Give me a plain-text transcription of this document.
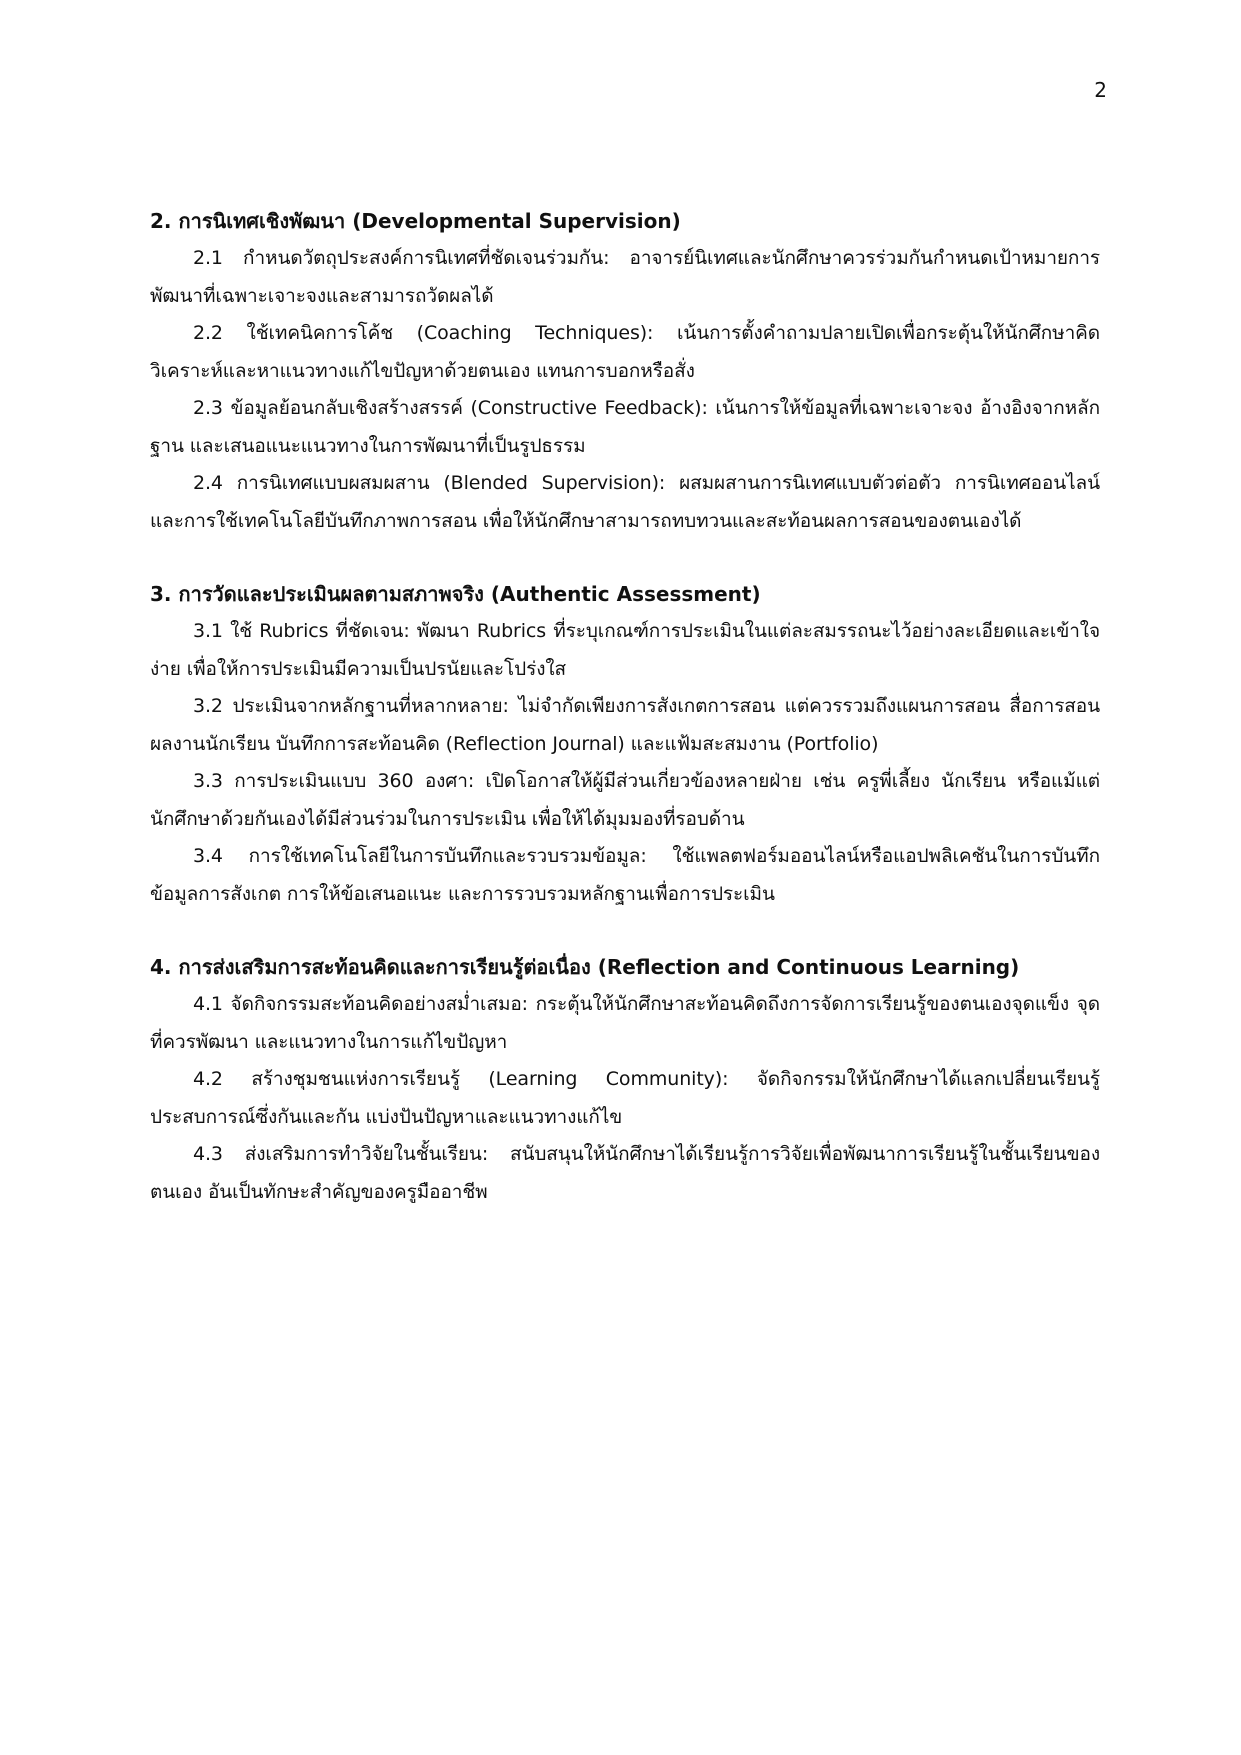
2
2. การนิเทศเชิงพัฒนา (Developmental Supervision)

2.1 กำหนดวัตถุประสงค์การนิเทศที่ชัดเจนร่วมกัน: อาจารย์นิเทศและนักศึกษาควรร่วมกันกำหนดเป้าหมายการพัฒนาที่เฉพาะเจาะจงและสามารถวัดผลได้

2.2 ใช้เทคนิคการโค้ช (Coaching Techniques): เน้นการตั้งคำถามปลายเปิดเพื่อกระตุ้นให้นักศึกษาคิดวิเคราะห์และหาแนวทางแก้ไขปัญหาด้วยตนเอง แทนการบอกหรือสั่ง

2.3 ข้อมูลย้อนกลับเชิงสร้างสรรค์ (Constructive Feedback): เน้นการให้ข้อมูลที่เฉพาะเจาะจง อ้างอิงจากหลักฐาน และเสนอแนะแนวทางในการพัฒนาที่เป็นรูปธรรม

2.4 การนิเทศแบบผสมผสาน (Blended Supervision): ผสมผสานการนิเทศแบบตัวต่อตัว การนิเทศออนไลน์ และการใช้เทคโนโลยีบันทึกภาพการสอน เพื่อให้นักศึกษาสามารถทบทวนและสะท้อนผลการสอนของตนเองได้

3. การวัดและประเมินผลตามสภาพจริง (Authentic Assessment)

3.1 ใช้ Rubrics ที่ชัดเจน: พัฒนา Rubrics ที่ระบุเกณฑ์การประเมินในแต่ละสมรรถนะไว้อย่างละเอียดและเข้าใจง่าย เพื่อให้การประเมินมีความเป็นปรนัยและโปร่งใส

3.2 ประเมินจากหลักฐานที่หลากหลาย: ไม่จำกัดเพียงการสังเกตการสอน แต่ควรรวมถึงแผนการสอน สื่อการสอน ผลงานนักเรียน บันทึกการสะท้อนคิด (Reflection Journal) และแฟ้มสะสมงาน (Portfolio)

3.3 การประเมินแบบ 360 องศา: เปิดโอกาสให้ผู้มีส่วนเกี่ยวข้องหลายฝ่าย เช่น ครูพี่เลี้ยง นักเรียน หรือแม้แต่นักศึกษาด้วยกันเองได้มีส่วนร่วมในการประเมิน เพื่อให้ได้มุมมองที่รอบด้าน

3.4 การใช้เทคโนโลยีในการบันทึกและรวบรวมข้อมูล: ใช้แพลตฟอร์มออนไลน์หรือแอปพลิเคชันในการบันทึกข้อมูลการสังเกต การให้ข้อเสนอแนะ และการรวบรวมหลักฐานเพื่อการประเมิน

4. การส่งเสริมการสะท้อนคิดและการเรียนรู้ต่อเนื่อง (Reflection and Continuous Learning)

4.1 จัดกิจกรรมสะท้อนคิดอย่างสม่ำเสมอ: กระตุ้นให้นักศึกษาสะท้อนคิดถึงการจัดการเรียนรู้ของตนเองจุดแข็ง จุดที่ควรพัฒนา และแนวทางในการแก้ไขปัญหา

4.2 สร้างชุมชนแห่งการเรียนรู้ (Learning Community): จัดกิจกรรมให้นักศึกษาได้แลกเปลี่ยนเรียนรู้ประสบการณ์ซึ่งกันและกัน แบ่งปันปัญหาและแนวทางแก้ไข

4.3 ส่งเสริมการทำวิจัยในชั้นเรียน: สนับสนุนให้นักศึกษาได้เรียนรู้การวิจัยเพื่อพัฒนาการเรียนรู้ในชั้นเรียนของตนเอง อันเป็นทักษะสำคัญของครูมืออาชีพ
